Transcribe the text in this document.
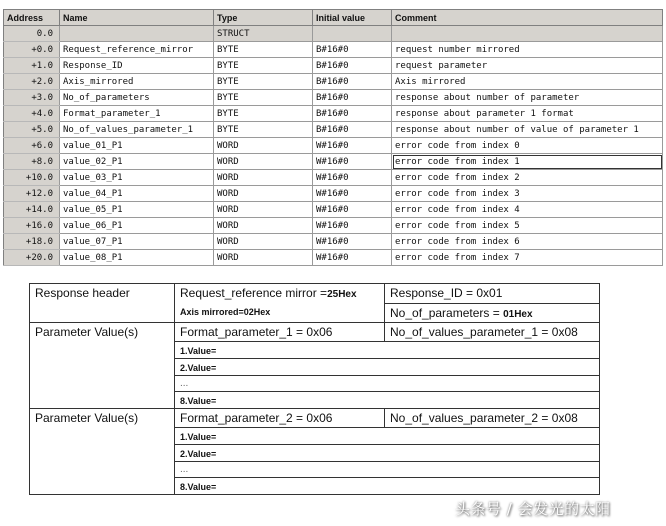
Address	Name	Type	Initial value	Comment
0.0		STRUCT		
+0.0	Request_reference_mirror	BYTE	B#16#0	request number mirrored
+1.0	Response_ID	BYTE	B#16#0	request parameter
+2.0	Axis_mirrored	BYTE	B#16#0	Axis mirrored
+3.0	No_of_parameters	BYTE	B#16#0	response about number of parameter
+4.0	Format_parameter_1	BYTE	B#16#0	response about parameter 1 format
+5.0	No_of_values_parameter_1	BYTE	B#16#0	response about number of value of parameter 1
+6.0	value_01_P1	WORD	W#16#0	error code from index 0
+8.0	value_02_P1	WORD	W#16#0	error code from index 1
+10.0	value_03_P1	WORD	W#16#0	error code from index 2
+12.0	value_04_P1	WORD	W#16#0	error code from index 3
+14.0	value_05_P1	WORD	W#16#0	error code from index 4
+16.0	value_06_P1	WORD	W#16#0	error code from index 5
+18.0	value_07_P1	WORD	W#16#0	error code from index 6
+20.0	value_08_P1	WORD	W#16#0	error code from index 7
Response header	Request_reference mirror =25Hex	Response_ID = 0x01
	Axis mirrored=02Hex	No_of_parameters = 01Hex
Parameter Value(s)	Format_parameter_1 = 0x06	No_of_values_parameter_1 = 0x08
	1.Value=	
	2.Value=	
	...	
	8.Value=	
Parameter Value(s)	Format_parameter_2 = 0x06	No_of_values_parameter_2 = 0x08
	1.Value=	
	2.Value=	
	...	
	8.Value=	
头条号 / 会发光的太阳
